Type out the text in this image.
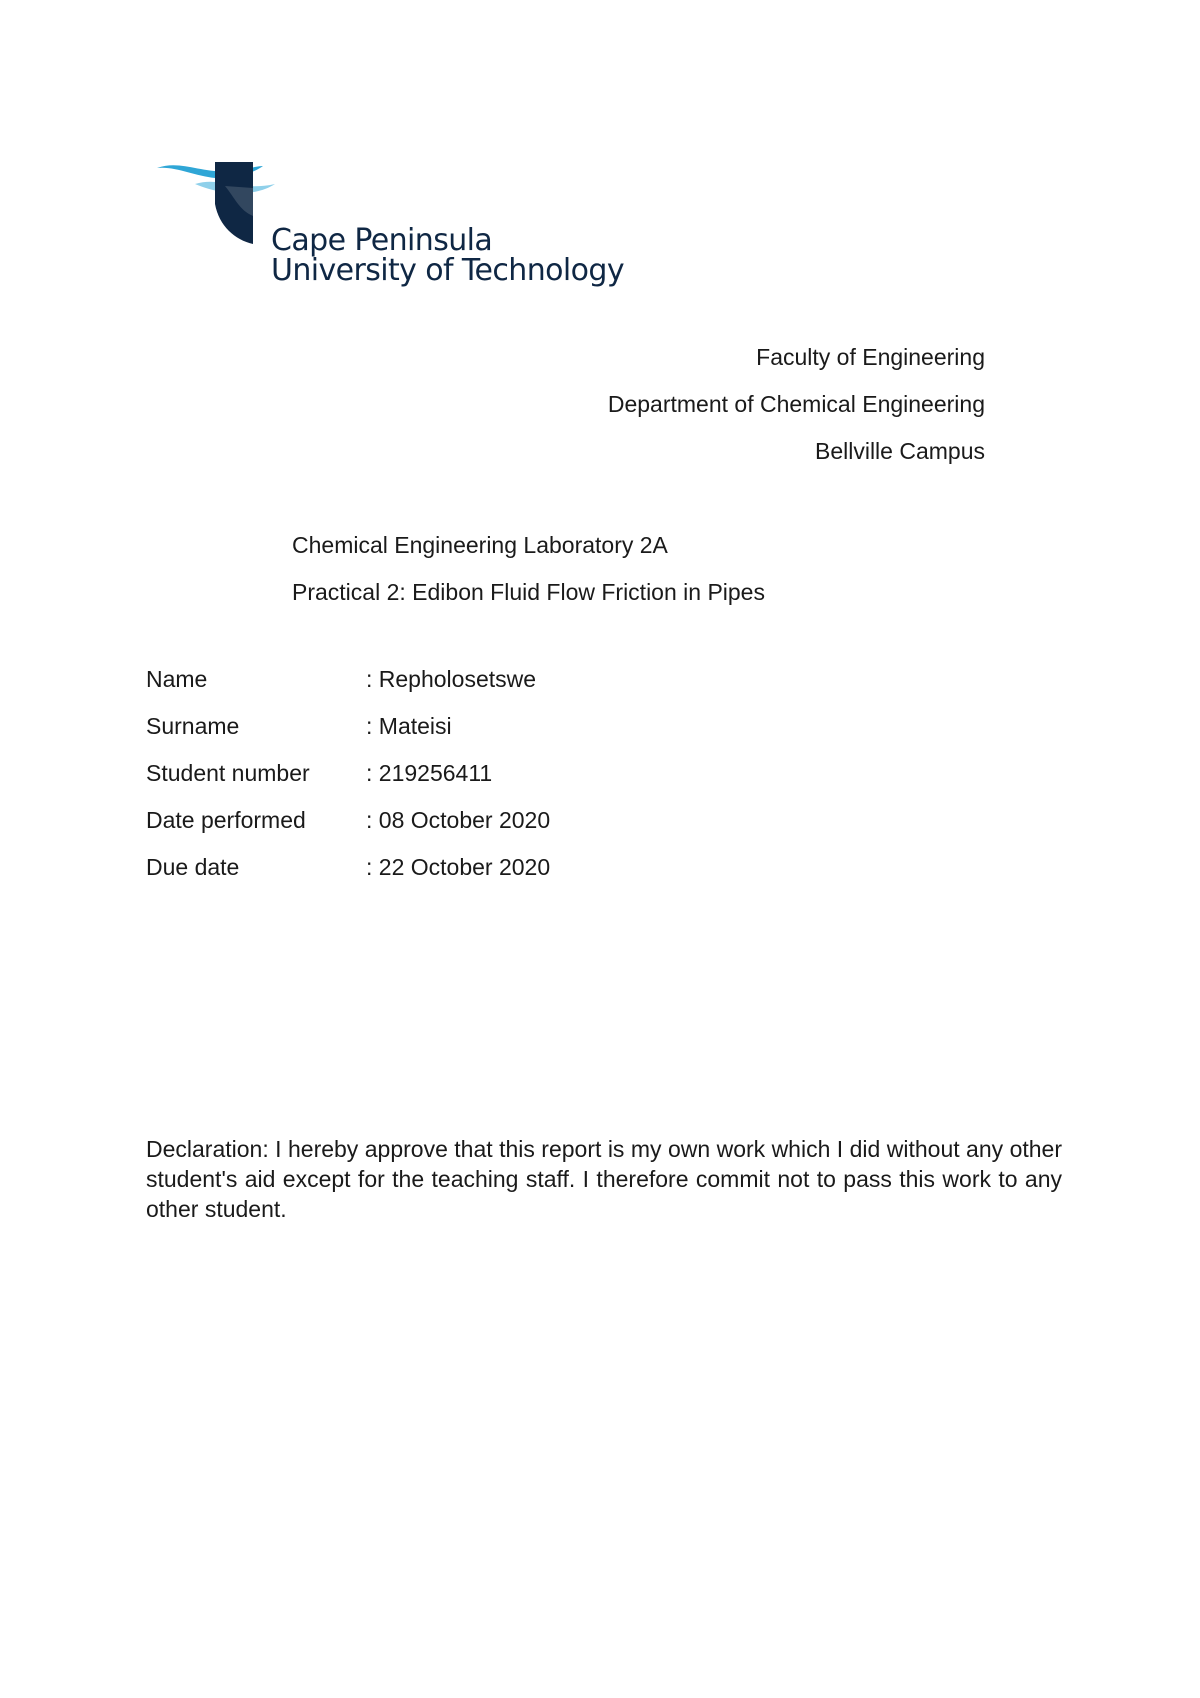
Cape Peninsula
University of Technology
Faculty of Engineering
Department of Chemical Engineering
Bellville Campus
Chemical Engineering Laboratory 2A
Practical 2: Edibon Fluid Flow Friction in Pipes
Name	: Repholosetswe
Surname	: Mateisi
Student number	: 219256411
Date performed	: 08 October 2020
Due date	: 22 October 2020
Declaration: I hereby approve that this report is my own work which I did without any other student's aid except for the teaching staff. I therefore commit not to pass this work to any other student.
